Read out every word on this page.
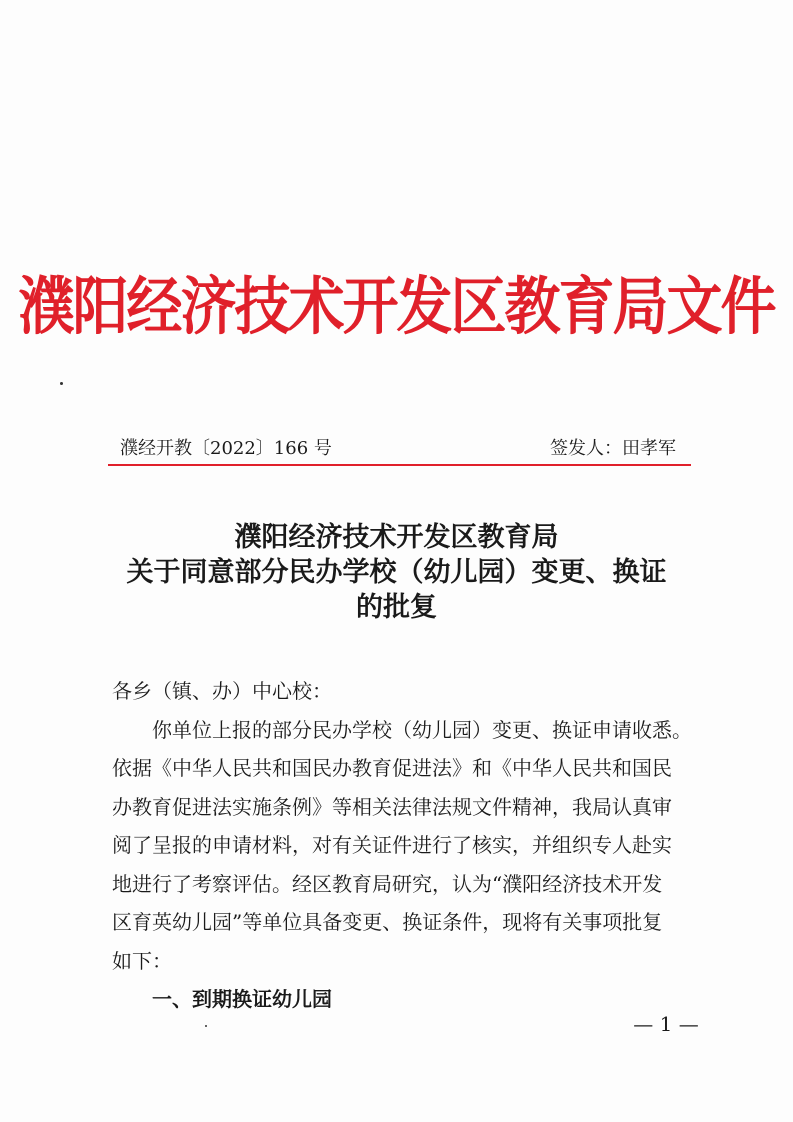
濮阳经济技术开发区教育局文件
濮经开教〔2022〕166 号	签发人：田孝军
濮阳经济技术开发区教育局
关于同意部分民办学校（幼儿园）变更、换证
的批复

各乡（镇、办）中心校：

你单位上报的部分民办学校（幼儿园）变更、换证申请收悉。

依据《中华人民共和国民办教育促进法》和《中华人民共和国民

办教育促进法实施条例》等相关法律法规文件精神，我局认真审

阅了呈报的申请材料，对有关证件进行了核实，并组织专人赴实

地进行了考察评估。经区教育局研究，认为“濮阳经济技术开发

区育英幼儿园”等单位具备变更、换证条件，现将有关事项批复

如下：

一、到期换证幼儿园

— 1 —
